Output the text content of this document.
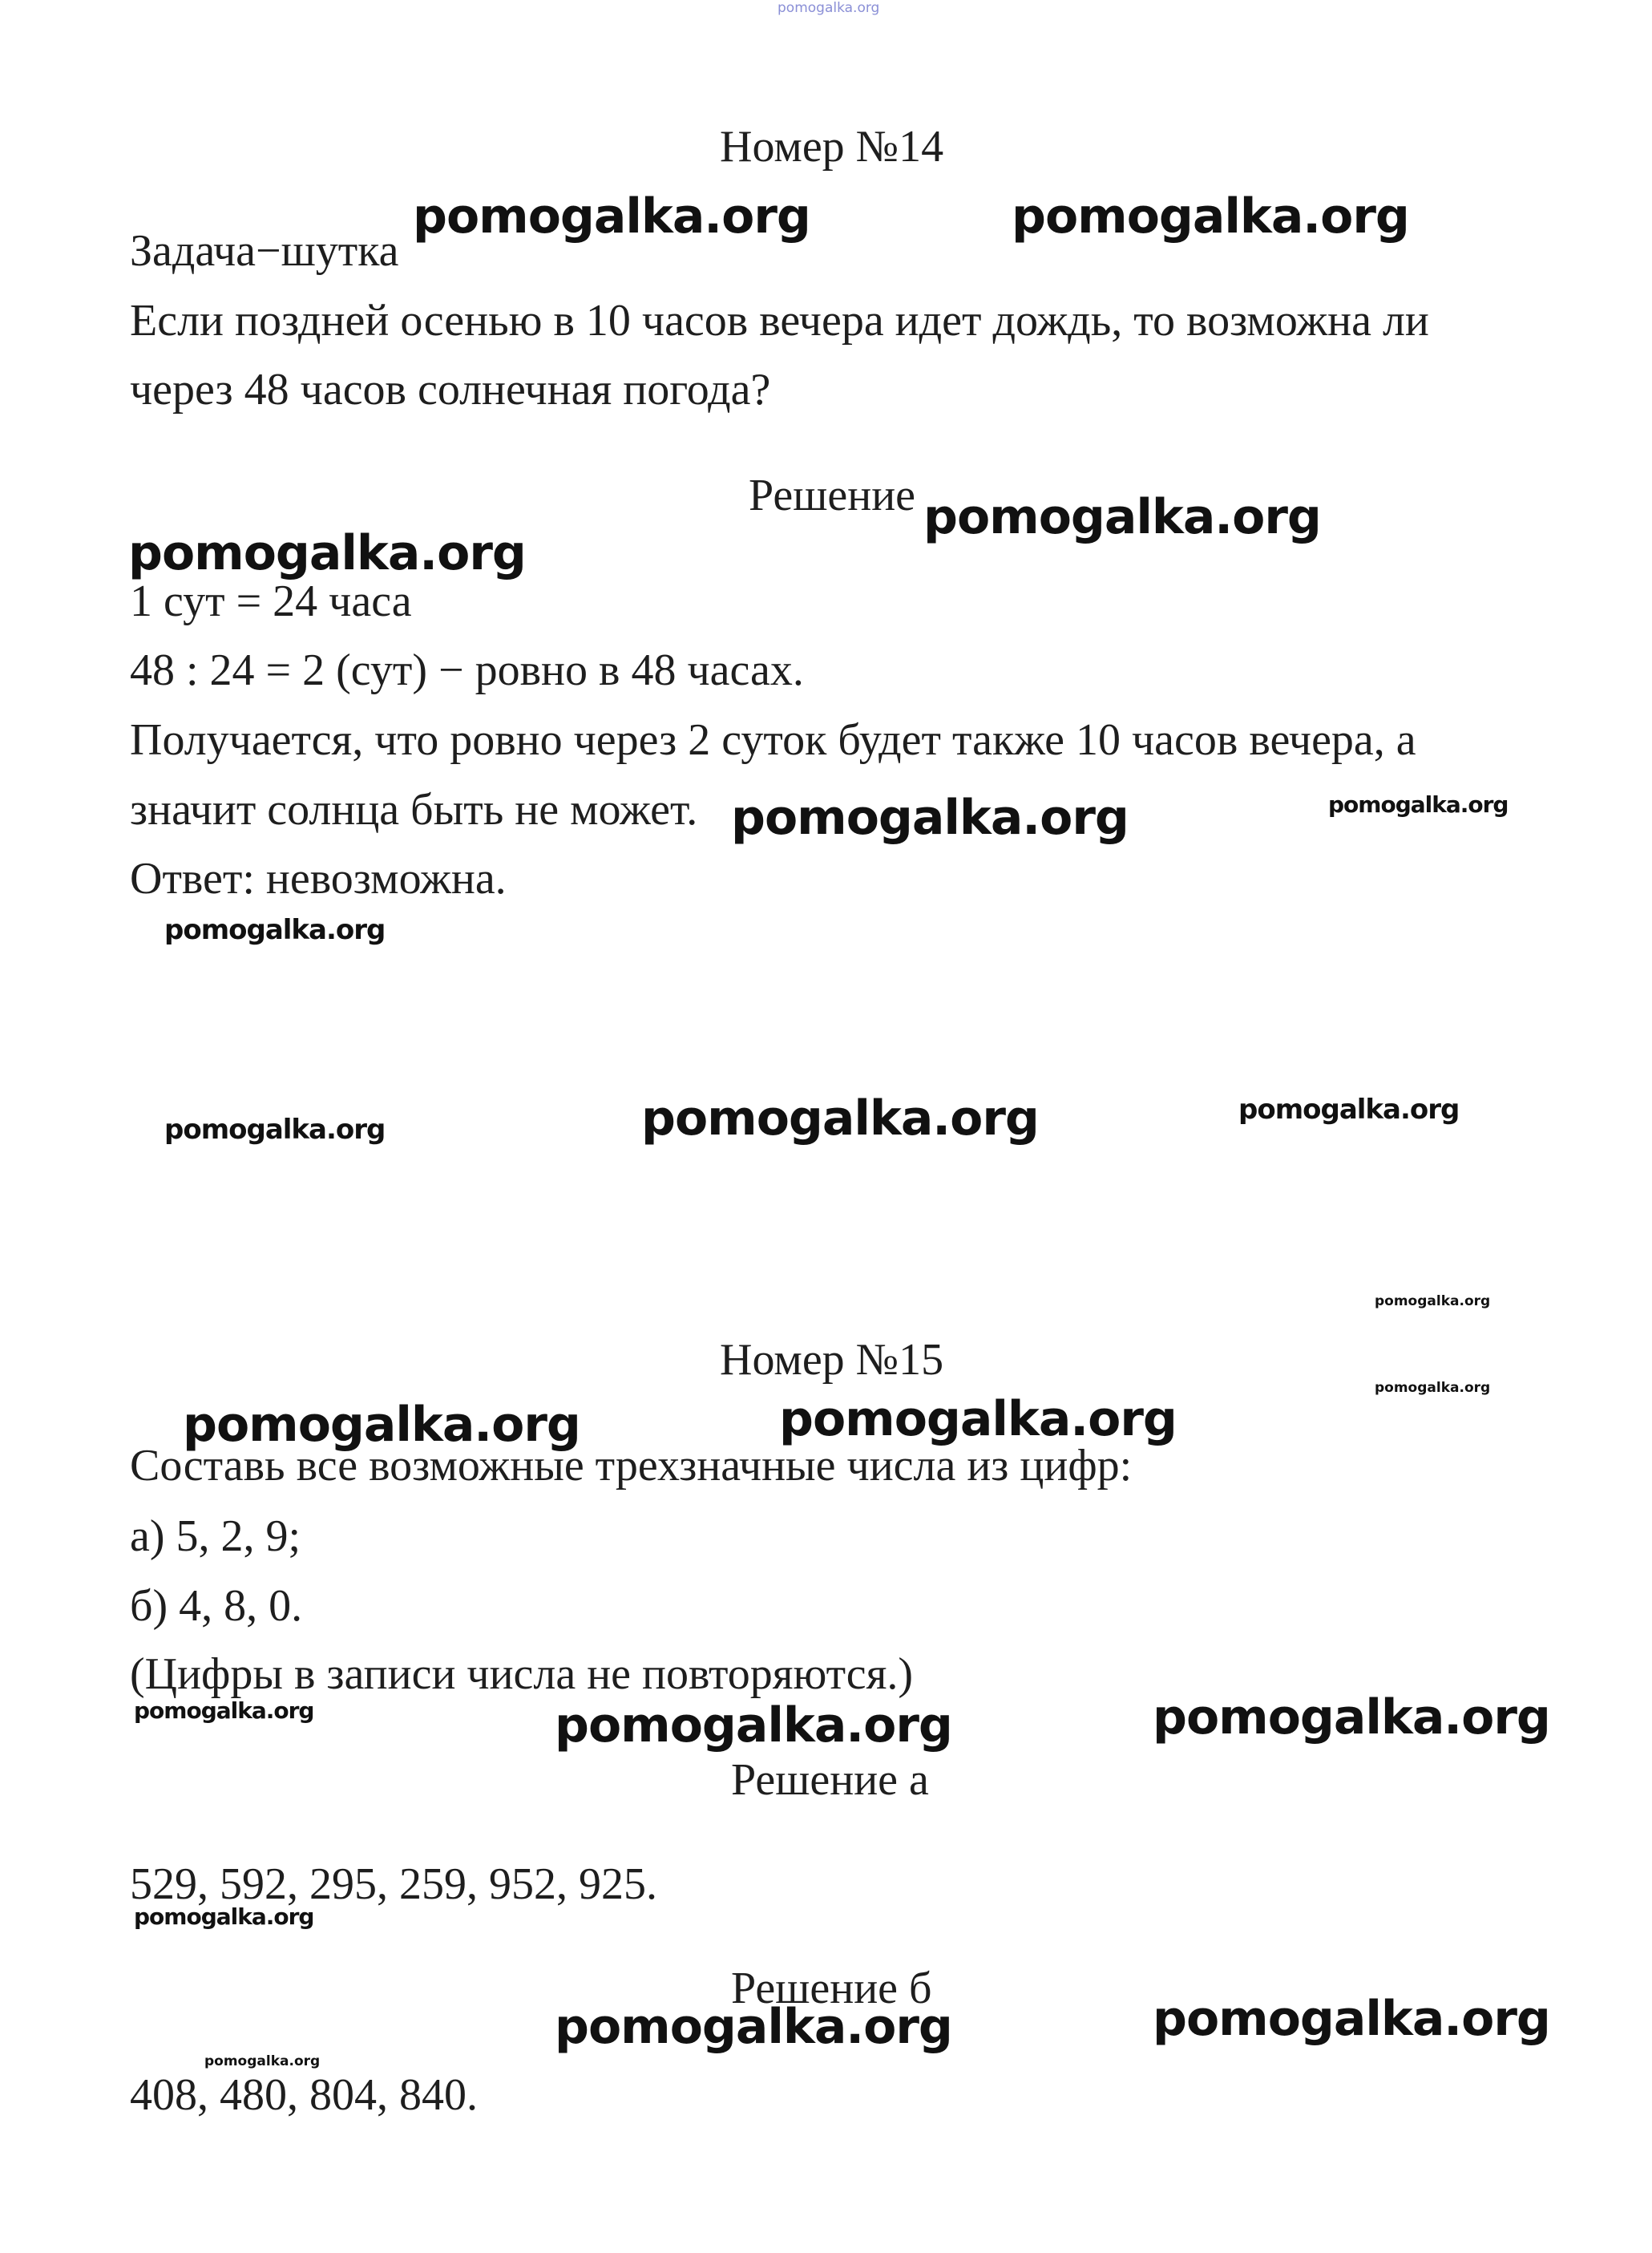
pomogalka.org
Номер №14
Задача−шутка
Если поздней осенью в 10 часов вечера идет дождь, то возможна ли
через 48 часов солнечная погода?
Решение
1 сут = 24 часа
48 : 24 = 2 (сут) − ровно в 48 часах.
Получается, что ровно через 2 суток будет также 10 часов вечера, а
значит солнца быть не может.
Ответ: невозможна.
Номер №15
Составь все возможные трехзначные числа из цифр:
а) 5, 2, 9;
б) 4, 8, 0.
(Цифры в записи числа не повторяются.)
Решение а
529, 592, 295, 259, 952, 925.
Решение б
408, 480, 804, 840.
pomogalka.org	pomogalka.org
pomogalka.org
pomogalka.org
pomogalka.org	pomogalka.org
pomogalka.org
pomogalka.org	pomogalka.org	pomogalka.org
pomogalka.org
pomogalka.org
pomogalka.org	pomogalka.org
pomogalka.org	pomogalka.org	pomogalka.org
pomogalka.org
pomogalka.org	pomogalka.org
pomogalka.org
